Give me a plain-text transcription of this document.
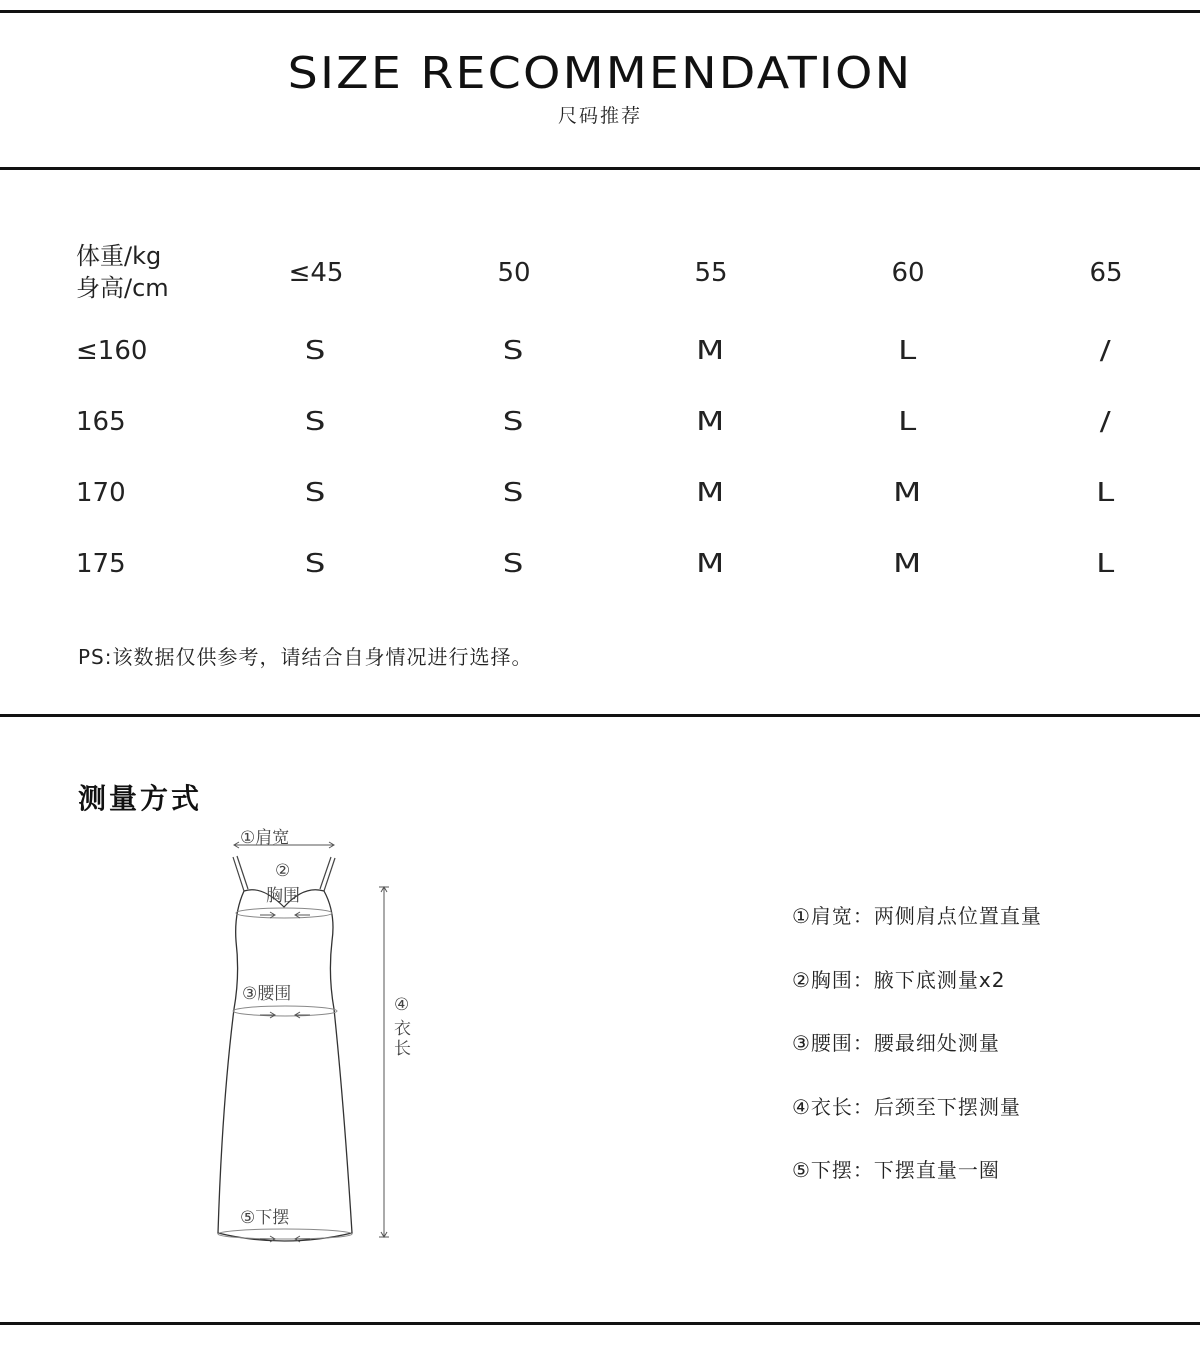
SIZE RECOMMENDATION
尺码推荐
体重/kg
身高/cm	≤45	50	55	60	65
≤160	S	S	M	L	/
165	S	S	M	L	/
170	S	S	M	M	L
175	S	S	M	M	L
PS:该数据仅供参考，请结合自身情况进行选择。
测量方式
①肩宽
②
胸围
③腰围
④
衣长
⑤下摆
①肩宽：两侧肩点位置直量
②胸围：腋下底测量x2
③腰围：腰最细处测量
④衣长：后颈至下摆测量
⑤下摆：下摆直量一圈
